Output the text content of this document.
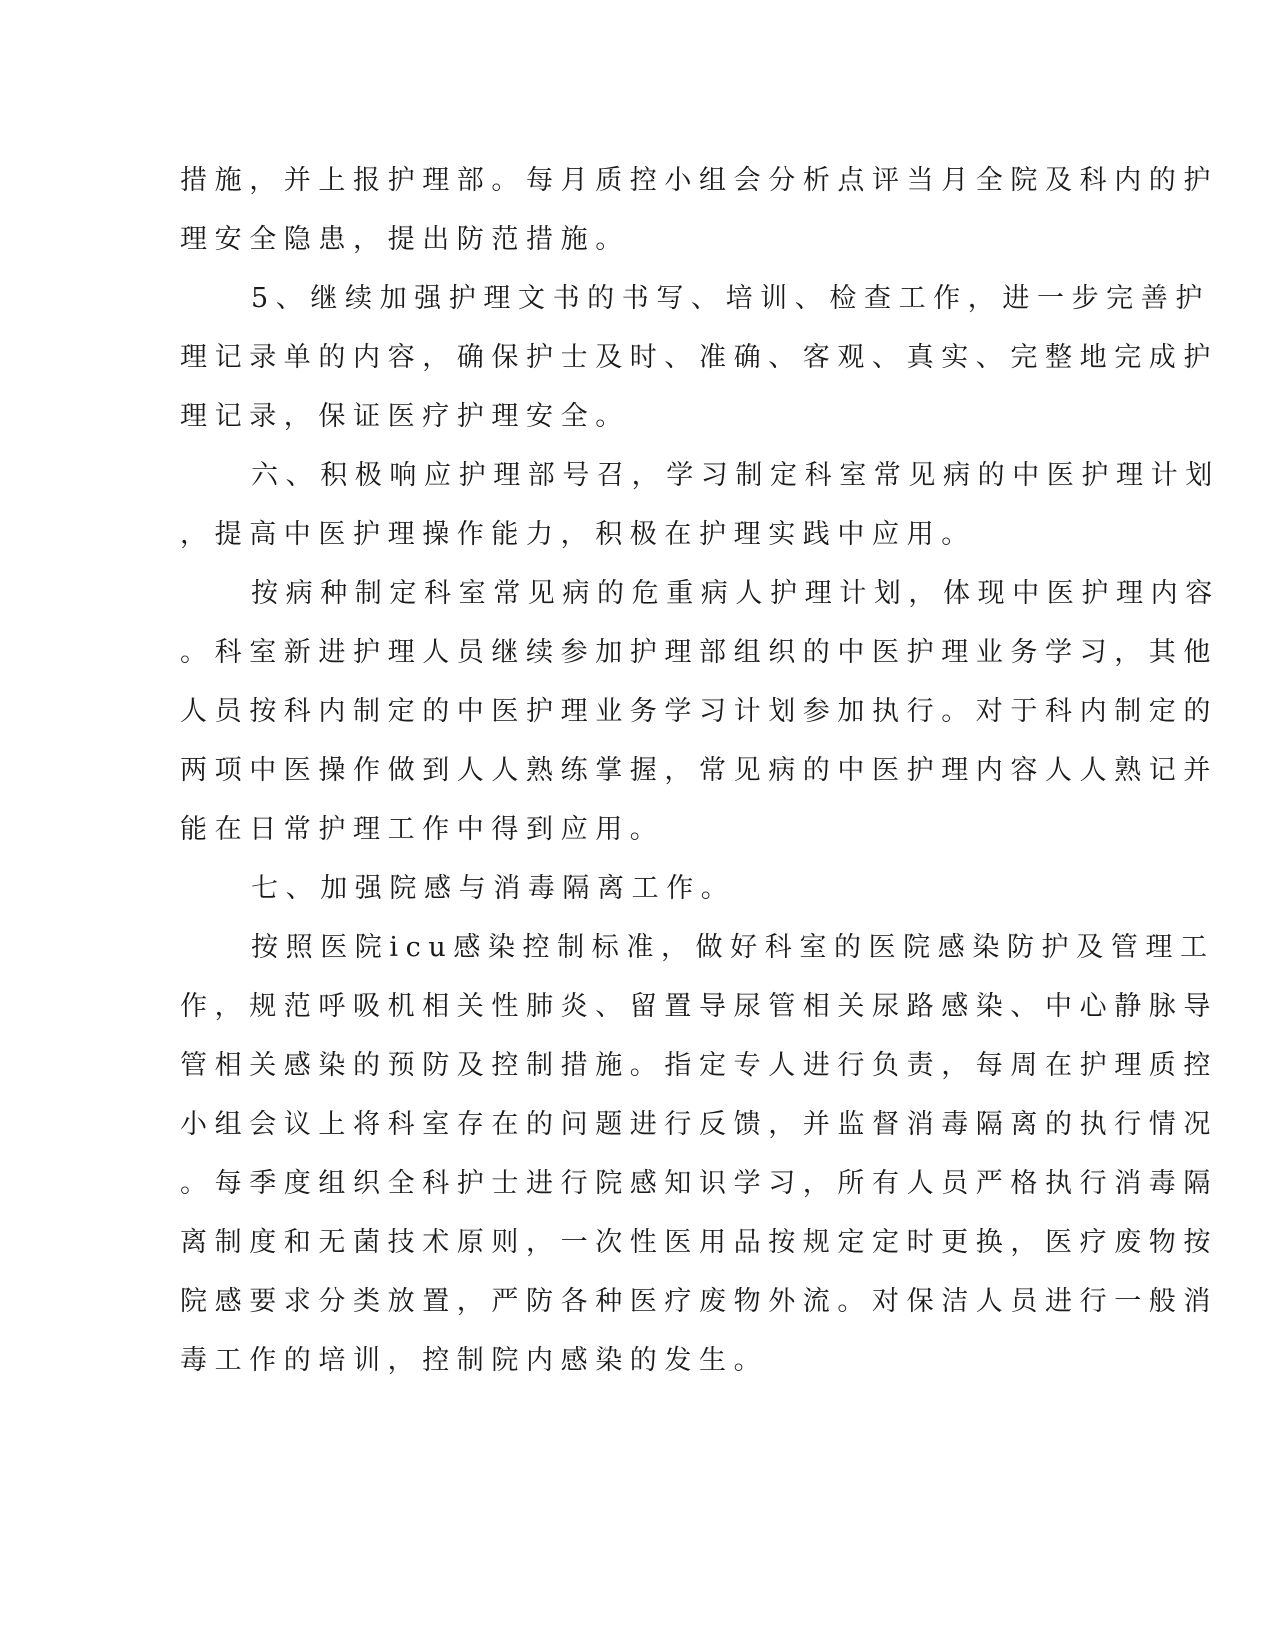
措施，并上报护理部。每月质控小组会分析点评当月全院及科内的护

理安全隐患，提出防范措施。

5、继续加强护理文书的书写、培训、检查工作，进一步完善护

理记录单的内容，确保护士及时、准确、客观、真实、完整地完成护

理记录，保证医疗护理安全。

六、积极响应护理部号召，学习制定科室常见病的中医护理计划

，提高中医护理操作能力，积极在护理实践中应用。

按病种制定科室常见病的危重病人护理计划，体现中医护理内容

。科室新进护理人员继续参加护理部组织的中医护理业务学习，其他

人员按科内制定的中医护理业务学习计划参加执行。对于科内制定的

两项中医操作做到人人熟练掌握，常见病的中医护理内容人人熟记并

能在日常护理工作中得到应用。

七、加强院感与消毒隔离工作。

按照医院icu感染控制标准，做好科室的医院感染防护及管理工

作，规范呼吸机相关性肺炎、留置导尿管相关尿路感染、中心静脉导

管相关感染的预防及控制措施。指定专人进行负责，每周在护理质控

小组会议上将科室存在的问题进行反馈，并监督消毒隔离的执行情况

。每季度组织全科护士进行院感知识学习，所有人员严格执行消毒隔

离制度和无菌技术原则，一次性医用品按规定定时更换，医疗废物按

院感要求分类放置，严防各种医疗废物外流。对保洁人员进行一般消

毒工作的培训，控制院内感染的发生。
